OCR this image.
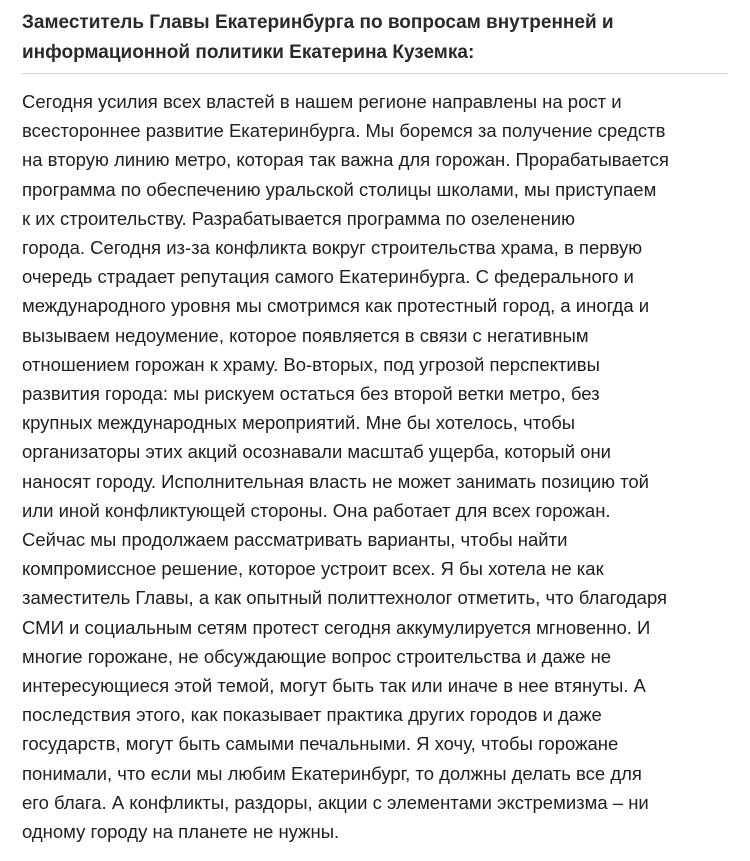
Заместитель Главы Екатеринбурга по вопросам внутренней и
информационной политики Екатерина Куземка:

Сегодня усилия всех властей в нашем регионе направлены на рост и
всестороннее развитие Екатеринбурга. Мы боремся за получение средств
на вторую линию метро, которая так важна для горожан. Прорабатывается
программа по обеспечению уральской столицы школами, мы приступаем
к их строительству. Разрабатывается программа по озеленению
города. Сегодня из-за конфликта вокруг строительства храма, в первую
очередь страдает репутация самого Екатеринбурга. С федерального и
международного уровня мы смотримся как протестный город, а иногда и
вызываем недоумение, которое появляется в связи с негативным
отношением горожан к храму. Во-вторых, под угрозой перспективы
развития города: мы рискуем остаться без второй ветки метро, без
крупных международных мероприятий. Мне бы хотелось, чтобы
организаторы этих акций осознавали масштаб ущерба, который они
наносят городу. Исполнительная власть не может занимать позицию той
или иной конфликтующей стороны. Она работает для всех горожан.
Сейчас мы продолжаем рассматривать варианты, чтобы найти
компромиссное решение, которое устроит всех. Я бы хотела не как
заместитель Главы, а как опытный политтехнолог отметить, что благодаря
СМИ и социальным сетям протест сегодня аккумулируется мгновенно. И
многие горожане, не обсуждающие вопрос строительства и даже не
интересующиеся этой темой, могут быть так или иначе в нее втянуты. А
последствия этого, как показывает практика других городов и даже
государств, могут быть самыми печальными. Я хочу, чтобы горожане
понимали, что если мы любим Екатеринбург, то должны делать все для
его блага. А конфликты, раздоры, акции с элементами экстремизма – ни
одному городу на планете не нужны.
